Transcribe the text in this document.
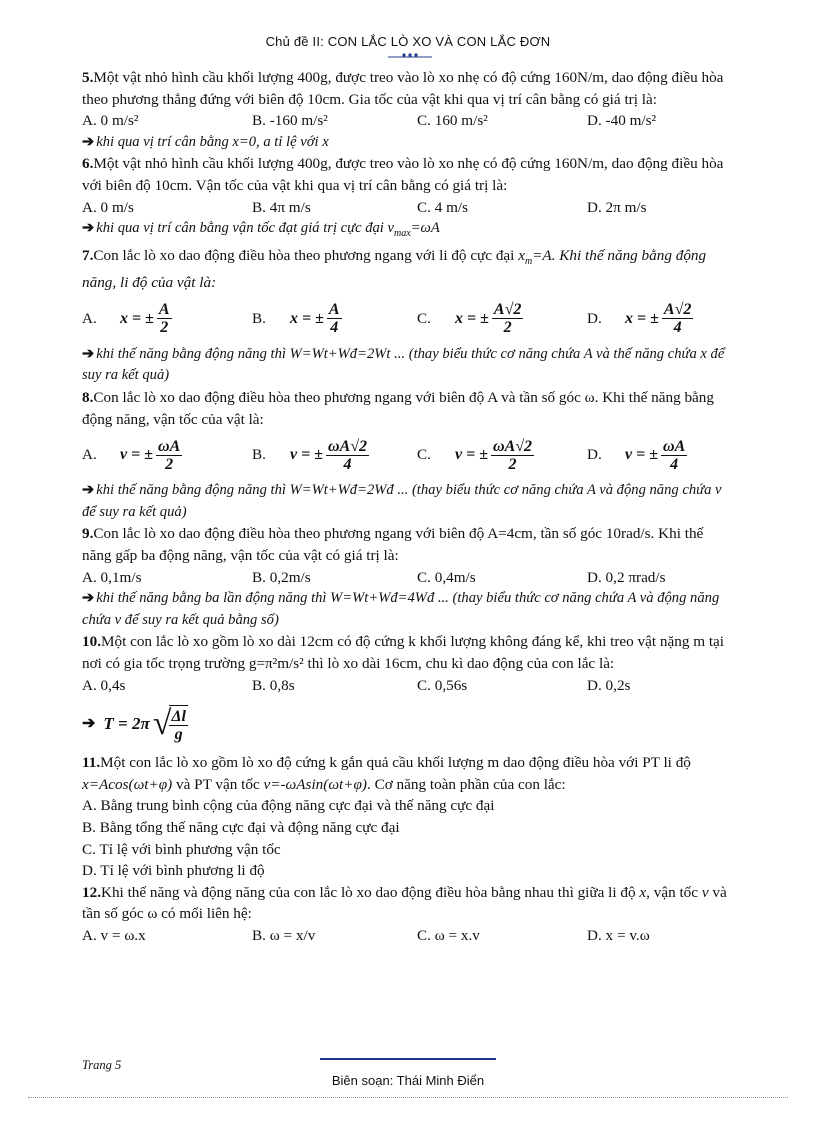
Chủ đề II: CON LẮC LÒ XO VÀ CON LẮC ĐƠN

5.Một vật nhỏ hình cầu khối lượng 400g, được treo vào lò xo nhẹ có độ cứng 160N/m, dao động điều hòa theo phương thẳng đứng với biên độ 10cm. Gia tốc của vật khi qua vị trí cân bằng có giá trị là:

A. 0 m/s²	B. -160 m/s²	C. 160 m/s²	D. -40 m/s²

➔ khi qua vị trí cân bằng x=0, a tỉ lệ với x

6.Một vật nhỏ hình cầu khối lượng 400g, được treo vào lò xo nhẹ có độ cứng 160N/m, dao động điều hòa với biên độ 10cm. Vận tốc của vật khi qua vị trí cân bằng có giá trị là:

A. 0 m/s	B. 4π m/s	C. 4 m/s	D. 2π m/s

➔ khi qua vị trí cân bằng vận tốc đạt giá trị cực đại $v_{max}=\omega A$

7.Con lắc lò xo dao động điều hòa theo phương ngang với li độ cực đại $x_m=A$. Khi thế năng bằng động năng, li độ của vật là:

A.	x = ± $\frac{A}{2}$	B.	x = ± $\frac{A}{4}$	C.	x = ± $\frac{A√2}{2}$	D.	x = ± $\frac{A√2}{4}$

➔ khi thế năng bằng động năng thì W=Wt+Wđ=2Wt ... (thay biểu thức cơ năng chứa A và thế năng chứa x để suy ra kết quả)

8.Con lắc lò xo dao động điều hòa theo phương ngang với biên độ A và tần số góc ω. Khi thế năng bằng động năng, vận tốc của vật là:

A.	v = ± $\frac{\omega A}{2}$	B.	v = ± $\frac{\omega A√2}{4}$	C.	v = ± $\frac{\omega A√2}{2}$	D.	v = ± $\frac{\omega A}{4}$

➔ khi thế năng bằng động năng thì W=Wt+Wđ=2Wđ ... (thay biểu thức cơ năng chứa A và động năng chứa v để suy ra kết quả)

9.Con lắc lò xo dao động điều hòa theo phương ngang với biên độ A=4cm, tần số góc 10rad/s. Khi thế năng gấp ba động năng, vận tốc của vật có giá trị là:

A. 0,1m/s	B. 0,2m/s	C. 0,4m/s	D. 0,2 πrad/s

➔ khi thế năng bằng ba lần động năng thì W=Wt+Wđ=4Wđ ... (thay biểu thức cơ năng chứa A và động năng chứa v để suy ra kết quả bằng số)

10.Một con lắc lò xo gồm lò xo dài 12cm có độ cứng k khối lượng không đáng kể, khi treo vật nặng m tại nơi có gia tốc trọng trường g=π²m/s² thì lò xo dài 16cm, chu kì dao động của con lắc là:

A. 0,4s	B. 0,8s	C. 0,56s	D. 0,2s
➔ T = 2π √
$\frac{\Delta l}{g}$

11.Một con lắc lò xo gồm lò xo độ cứng k gắn quả cầu khối lượng m dao động điều hòa với PT li độ x=Acos(ωt+φ) và PT vận tốc v=-ωAsin(ωt+φ). Cơ năng toàn phần của con lắc:

A. Bằng trung bình cộng của động năng cực đại và thế năng cực đại

B. Bằng tổng thế năng cực đại và động năng cực đại

C. Tỉ lệ với bình phương vận tốc

D. Tỉ lệ với bình phương li độ

12.Khi thế năng và động năng của con lắc lò xo dao động điều hòa bằng nhau thì giữa li độ x, vận tốc v và tần số góc ω có mối liên hệ:

A. v = ω.x	B. ω = x/v	C. ω = x.v	D. x = v.ω
Trang 5
Biên soạn: Thái Minh Điển
